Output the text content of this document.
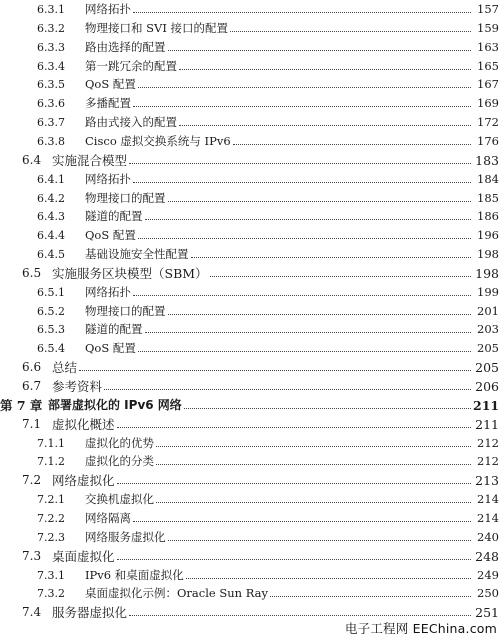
6.3.1	网络拓扑	157
6.3.2	物理接口和 SVI 接口的配置	159
6.3.3	路由选择的配置	163
6.3.4	第一跳冗余的配置	165
6.3.5	QoS 配置	167
6.3.6	多播配置	169
6.3.7	路由式接入的配置	172
6.3.8	Cisco 虚拟交换系统与 IPv6	176
6.4 实施混合模型	183
6.4.1	网络拓扑	184
6.4.2	物理接口的配置	185
6.4.3	隧道的配置	186
6.4.4	QoS 配置	196
6.4.5	基础设施安全性配置	198
6.5 实施服务区块模型（SBM）	198
6.5.1	网络拓扑	199
6.5.2	物理接口的配置	201
6.5.3	隧道的配置	203
6.5.4	QoS 配置	205
6.6 总结	205
6.7 参考资料	206
第 7 章 部署虚拟化的 IPv6 网络	211
7.1 虚拟化概述	211
7.1.1	虚拟化的优势	212
7.1.2	虚拟化的分类	212
7.2 网络虚拟化	213
7.2.1	交换机虚拟化	214
7.2.2	网络隔离	214
7.2.3	网络服务虚拟化	240
7.3 桌面虚拟化	248
7.3.1	IPv6 和桌面虚拟化	249
7.3.2	桌面虚拟化示例：Oracle Sun Ray	250
7.4 服务器虚拟化	251
电子工程网 EEChina.com
